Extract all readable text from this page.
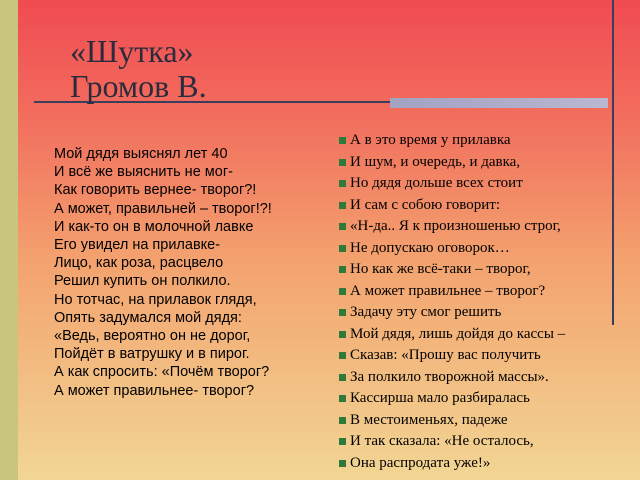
«Шутка»
Громов В.
Мой дядя выяснял лет 40
И всё же выяснить не мог-
Как говорить вернее- творог?!
А может, правильней – творог!?!
И как-то он в молочной лавке
Его увидел на прилавке-
Лицо, как роза, расцвело
Решил купить он полкило.
Но тотчас, на прилавок глядя,
Опять задумался мой дядя:
«Ведь, вероятно он не дорог,
Пойдёт в ватрушку и в пирог.
А как спросить: «Почём творог?
А может правильнее- творог?
А в это время у прилавка
И шум, и очередь, и давка,
Но дядя дольше всех стоит
И сам с собою говорит:
«Н-да.. Я к произношенью строг,
Не допускаю оговорок…
Но как же всё-таки – творог,
А может правильнее – творог?
Задачу эту смог решить
Мой дядя, лишь дойдя до кассы –
Сказав: «Прошу вас получить
За полкило творожной массы».
Кассирша мало разбиралась
В местоименьях, падеже
И так сказала: «Не осталось,
Она распродата уже!»
